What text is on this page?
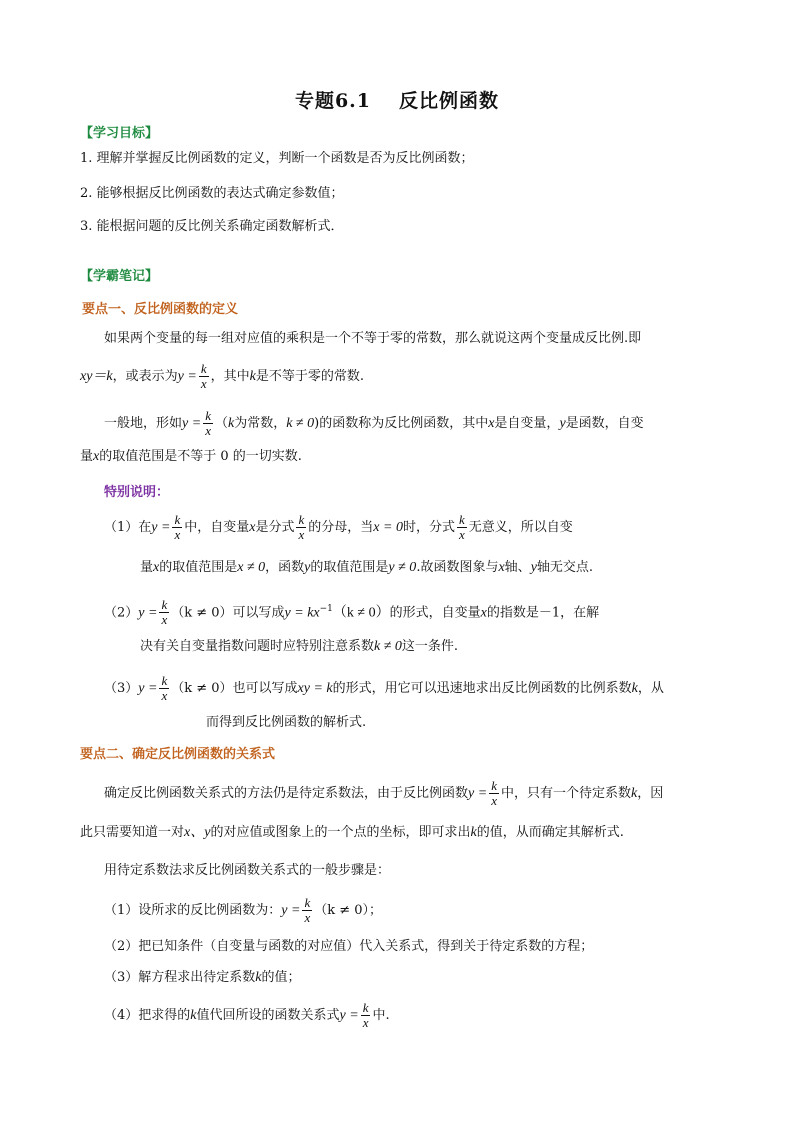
专题6.1 反比例函数
【学习目标】
1. 理解并掌握反比例函数的定义，判断一个函数是否为反比例函数；
2. 能够根据反比例函数的表达式确定参数值；
3. 能根据问题的反比例关系确定函数解析式．
【学霸笔记】
要点一、反比例函数的定义
如果两个变量的每一组对应值的乘积是一个不等于零的常数，那么就说这两个变量成反比例.即
xy＝k，或表示为$y = \frac{k}{x}$ ，其中k是不等于零的常数.
一般地，形如$y = \frac{k}{x} (k$为常数，k ≠ 0)的函数称为反比例函数，其中x是自变量，y是函数，自变
量x的取值范围是不等于 0 的一切实数.
特别说明：
（1）在$y = \frac{k}{x}$ 中，自变量x是分式 $\frac{k}{x}$ 的分母，当x = 0时，分式 $\frac{k}{x}$ 无意义，所以自变
量x的取值范围是x ≠ 0，函数y的取值范围是y ≠ 0.故函数图象与x轴、y轴无交点.
$(2)y = \frac{k}{x} (k \ne 0)$可以写成$y = kx^{-1}(k \ne 0)$的形式，自变量x的指数是－1，在解
决有关自变量指数问题时应特别注意系数k ≠ 0这一条件.
$(3)y = \frac{k}{x} (k \ne 0)$也可以写成xy = k的形式，用它可以迅速地求出反比例函数的比例系数k，从
而得到反比例函数的解析式.
要点二、确定反比例函数的关系式
确定反比例函数关系式的方法仍是待定系数法，由于反比例函数$y = \frac{k}{x}$ 中，只有一个待定系数k，因
此只需要知道一对x、y的对应值或图象上的一个点的坐标，即可求出k的值，从而确定其解析式.
用待定系数法求反比例函数关系式的一般步骤是：
（1）设所求的反比例函数为：$y = \frac{k}{x} (k \ne 0)$；
（2）把已知条件（自变量与函数的对应值）代入关系式，得到关于待定系数的方程；
（3）解方程求出待定系数k的值；
（4）把求得的k值代回所设的函数关系式$y = \frac{k}{x}$ 中.
